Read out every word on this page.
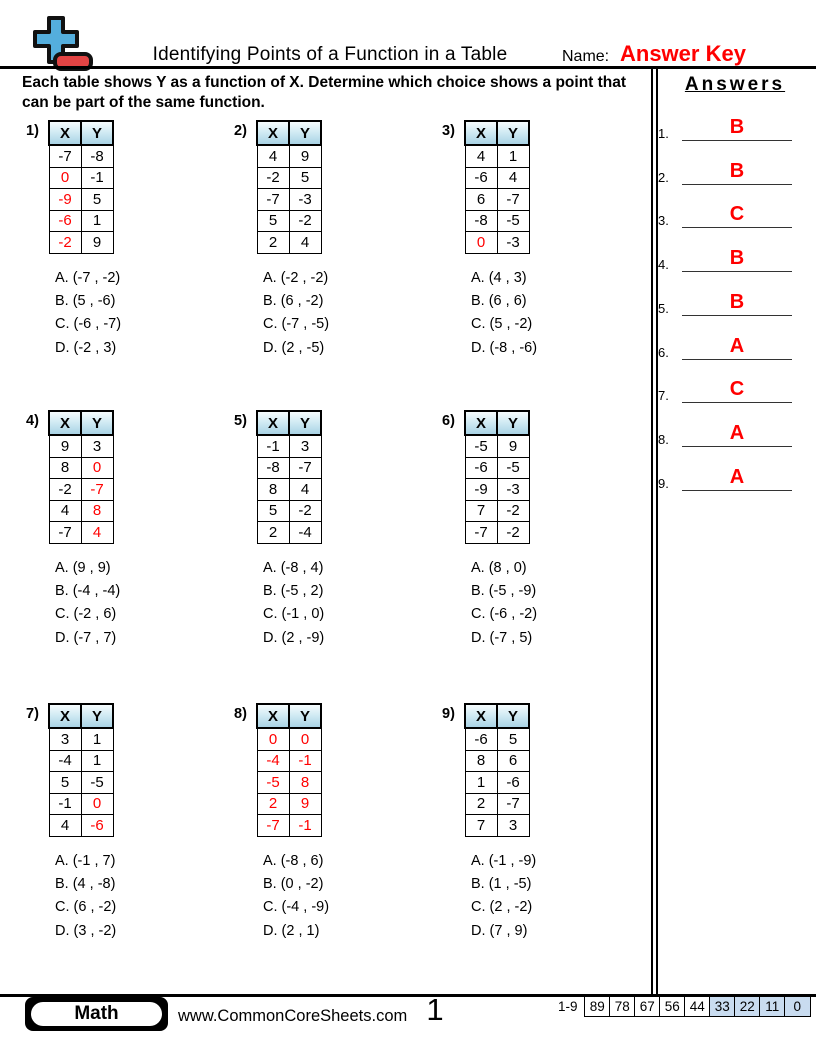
Identifying Points of a Function in a Table	Name: Answer Key
Each table shows Y as a function of X. Determine which choice shows a point that can be part of the same function.
Answers
1.	B
2.	B
3.	C
4.	B
5.	B
6.	A
7.	C
8.	A
9.	A
1)	X	Y
-7	-8
0	-1
-9	5
-6	1
-2	9
A. (-7 , -2)
B. (5 , -6)
C. (-6 , -7)
D. (-2 , 3)
2)	X	Y
4	9
-2	5
-7	-3
5	-2
2	4
A. (-2 , -2)
B. (6 , -2)
C. (-7 , -5)
D. (2 , -5)
3)	X	Y
4	1
-6	4
6	-7
-8	-5
0	-3
A. (4 , 3)
B. (6 , 6)
C. (5 , -2)
D. (-8 , -6)
4)	X	Y
9	3
8	0
-2	-7
4	8
-7	4
A. (9 , 9)
B. (-4 , -4)
C. (-2 , 6)
D. (-7 , 7)
5)	X	Y
-1	3
-8	-7
8	4
5	-2
2	-4
A. (-8 , 4)
B. (-5 , 2)
C. (-1 , 0)
D. (2 , -9)
6)	X	Y
-5	9
-6	-5
-9	-3
7	-2
-7	-2
A. (8 , 0)
B. (-5 , -9)
C. (-6 , -2)
D. (-7 , 5)
7)	X	Y
3	1
-4	1
5	-5
-1	0
4	-6
A. (-1 , 7)
B. (4 , -8)
C. (6 , -2)
D. (3 , -2)
8)	X	Y
0	0
-4	-1
-5	8
2	9
-7	-1
A. (-8 , 6)
B. (0 , -2)
C. (-4 , -9)
D. (2 , 1)
9)	X	Y
-6	5
8	6
1	-6
2	-7
7	3
A. (-1 , -9)
B. (1 , -5)
C. (2 , -2)
D. (7 , 9)
Math	www.CommonCoreSheets.com 1	1-9 89 78 67 56 44 33 22 11	0
